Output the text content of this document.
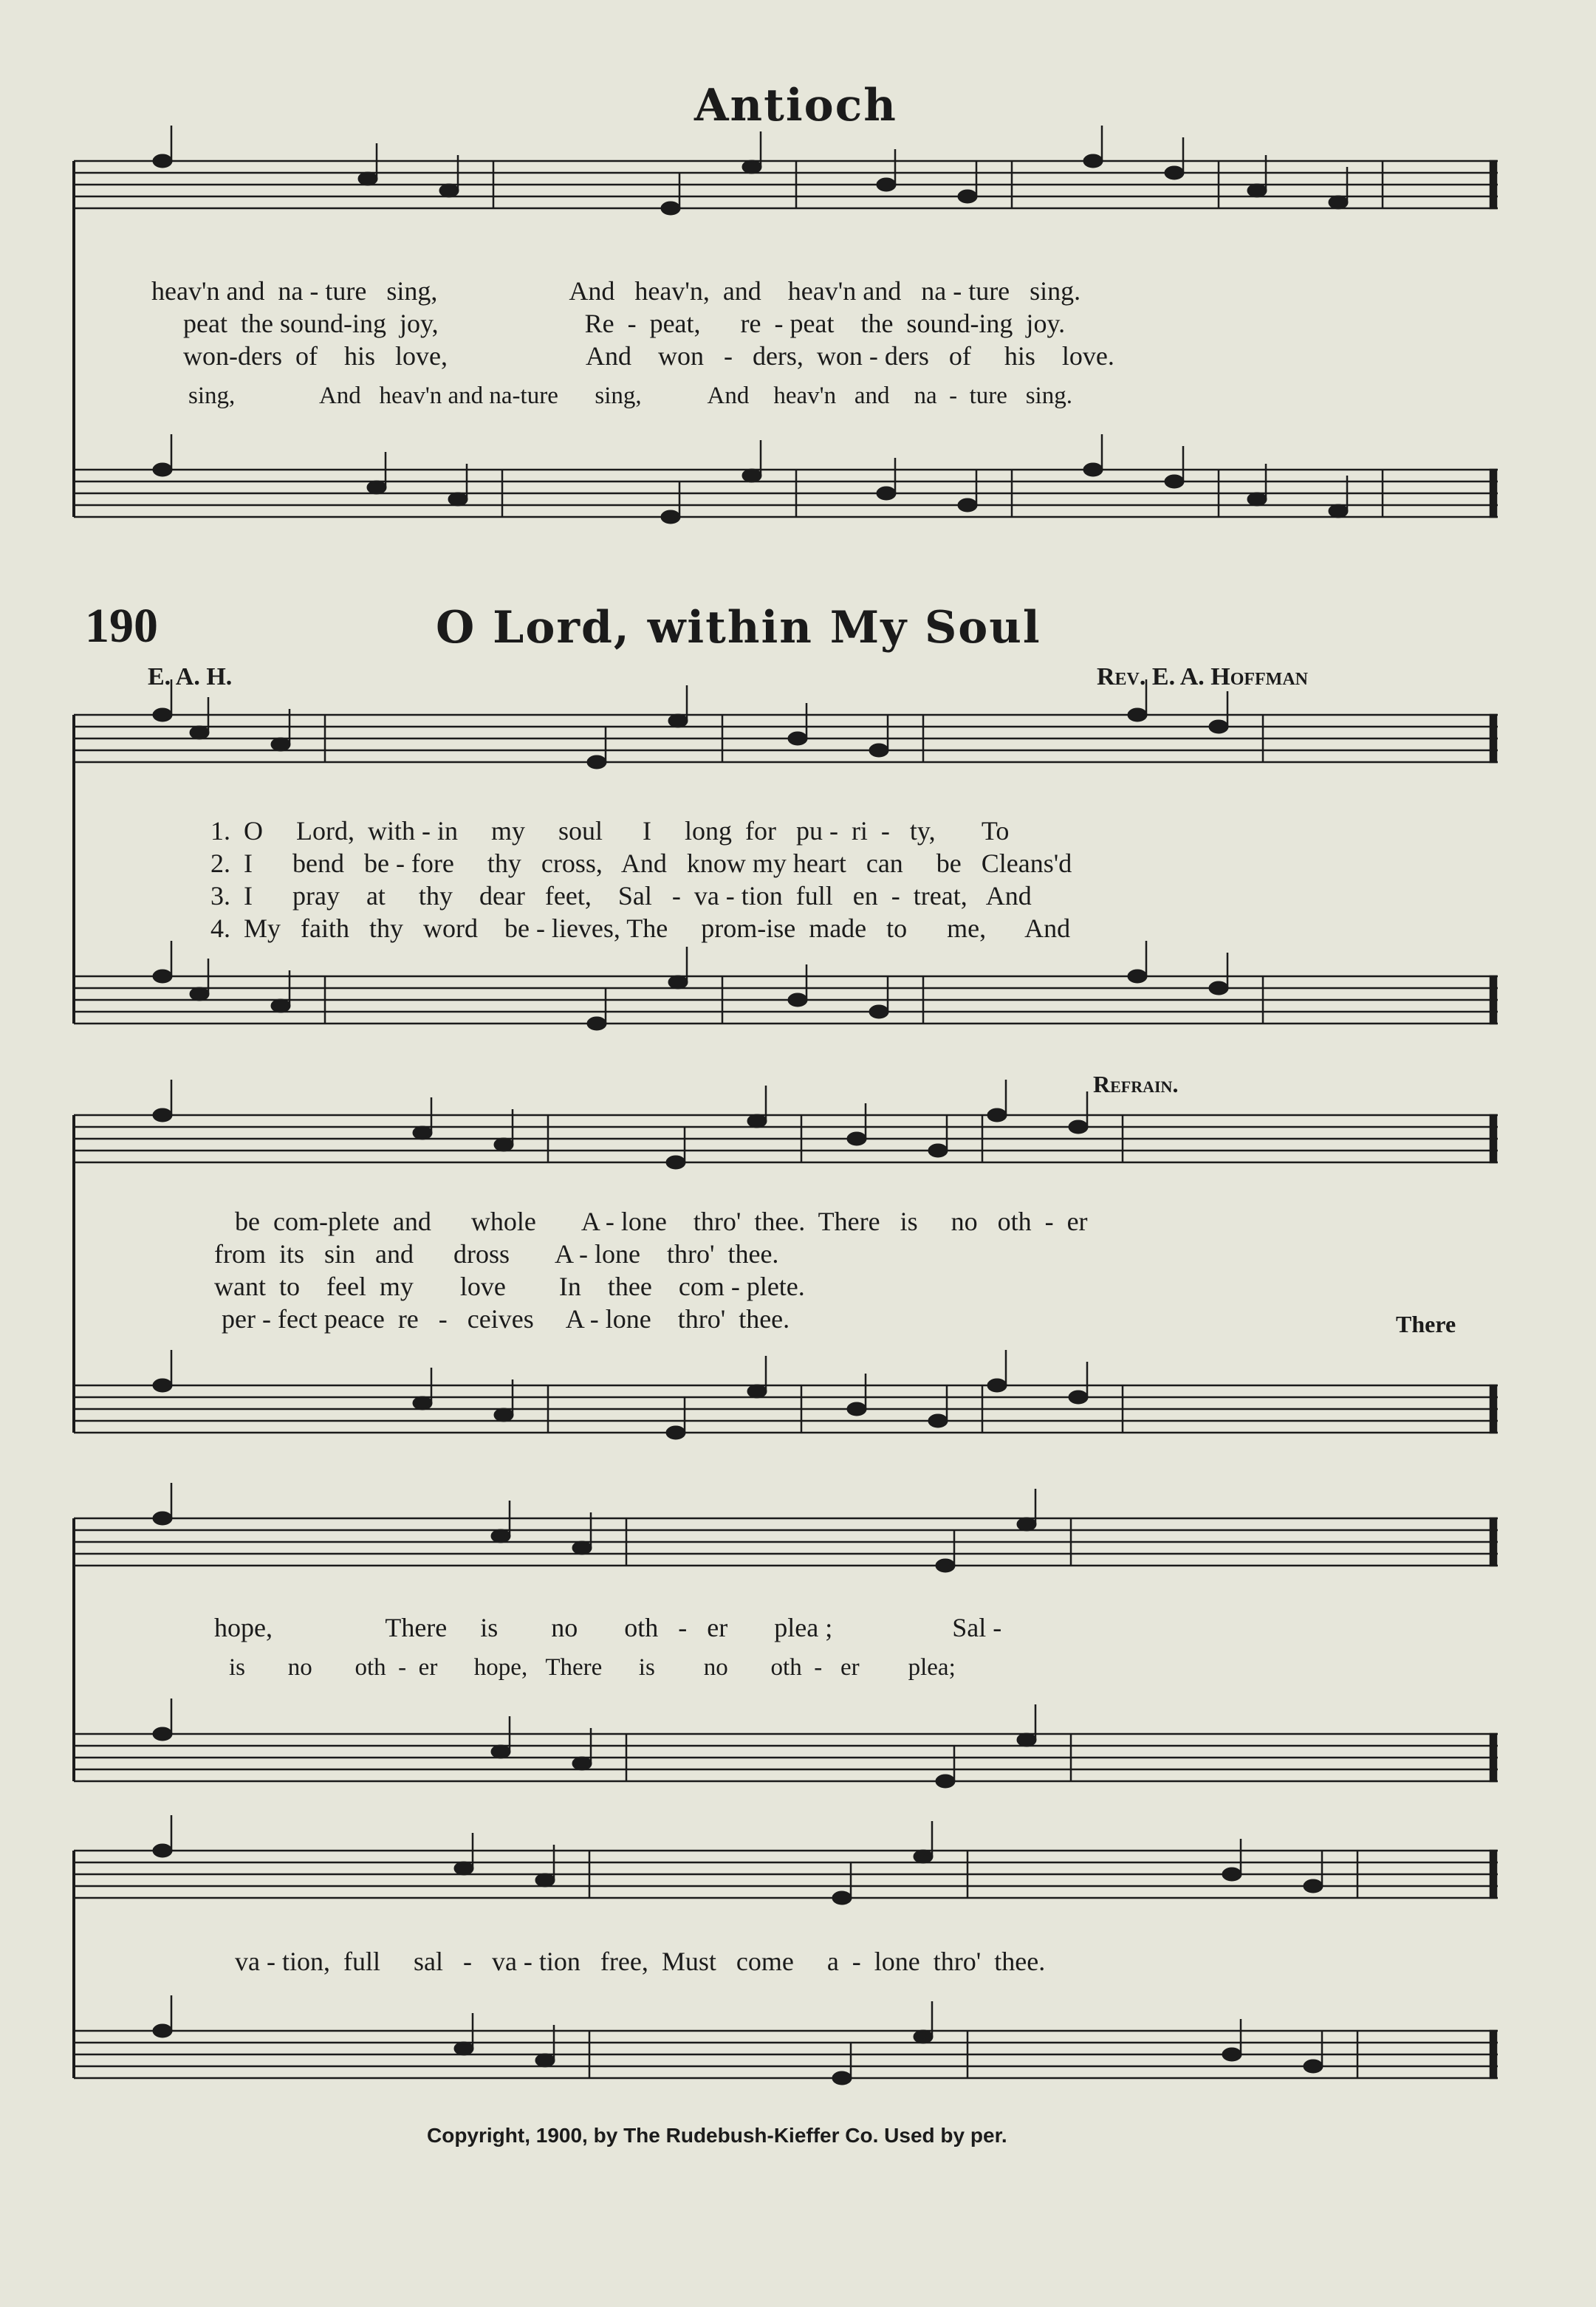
Antioch
heav'n and  na - ture   sing,                    And   heav'n,  and    heav'n and   na - ture   sing.
peat  the sound-ing  joy,                      Re  -  peat,      re  - peat    the  sound-ing  joy.
won-ders  of    his   love,                     And    won   -   ders,  won - ders   of     his    love.
sing,              And   heav'n and na-ture      sing,           And    heav'n   and    na  -  ture   sing.
190	O Lord, within My Soul
E. A. H.	Rev. E. A. Hoffman
1.  O     Lord,  with - in     my     soul      I     long  for   pu -  ri  -   ty,       To
2.  I      bend   be - fore     thy   cross,   And   know my heart   can     be   Cleans'd
3.  I      pray    at     thy    dear   feet,    Sal   -  va - tion  full   en  -  treat,   And
4.  My   faith   thy   word    be - lieves, The     prom-ise  made   to      me,      And
Refrain.
be  com-plete  and      whole       A - lone    thro'  thee.  There   is     no   oth  -  er
from  its   sin   and      dross       A - lone    thro'  thee.
want  to    feel  my       love        In    thee    com - plete.
per - fect peace  re   -   ceives     A - lone    thro'  thee.	There
hope,                 There     is        no       oth   -   er       plea ;                  Sal -
is       no       oth  -  er      hope,   There      is        no       oth  -   er        plea;
va - tion,  full     sal   -   va - tion   free,  Must   come     a  -  lone  thro'  thee.
Copyright, 1900, by The Rudebush-Kieffer Co. Used by per.
